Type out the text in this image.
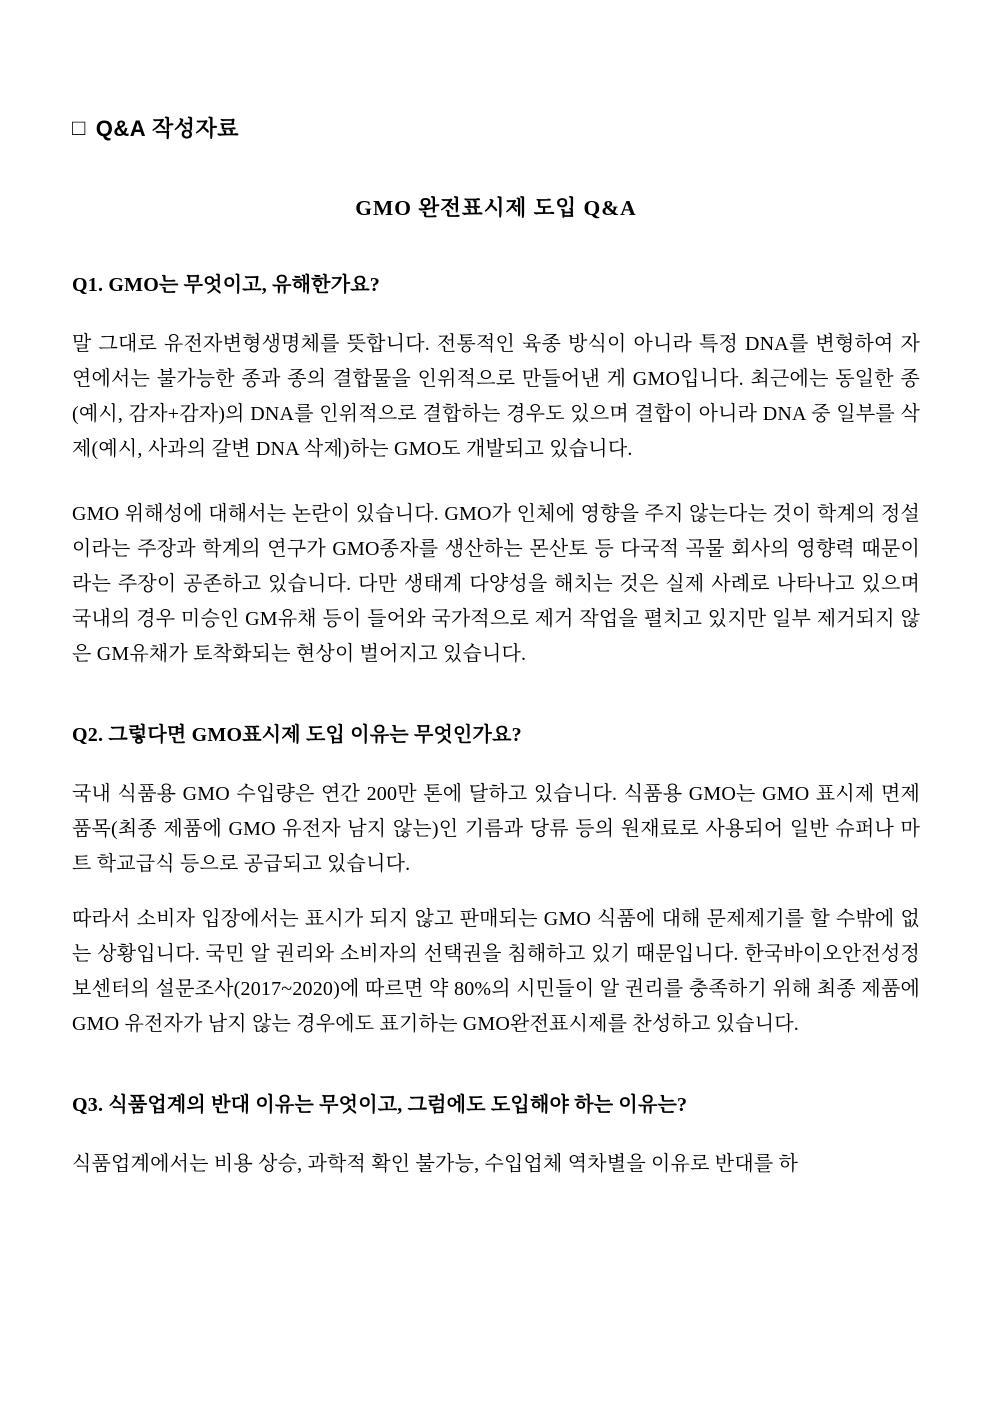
□ Q&A 작성자료
GMO 완전표시제 도입 Q&A
Q1. GMO는 무엇이고, 유해한가요?

말 그대로 유전자변형생명체를 뜻합니다. 전통적인 육종 방식이 아니라 특정 DNA를 변형하여 자연에서는 불가능한 종과 종의 결합물을 인위적으로 만들어낸 게 GMO입니다. 최근에는 동일한 종(예시, 감자+감자)의 DNA를 인위적으로 결합하는 경우도 있으며 결합이 아니라 DNA 중 일부를 삭제(예시, 사과의 갈변 DNA 삭제)하는 GMO도 개발되고 있습니다.

GMO 위해성에 대해서는 논란이 있습니다. GMO가 인체에 영향을 주지 않는다는 것이 학계의 정설이라는 주장과 학계의 연구가 GMO종자를 생산하는 몬산토 등 다국적 곡물 회사의 영향력 때문이라는 주장이 공존하고 있습니다. 다만 생태계 다양성을 해치는 것은 실제 사례로 나타나고 있으며 국내의 경우 미승인 GM유채 등이 들어와 국가적으로 제거 작업을 펼치고 있지만 일부 제거되지 않은 GM유채가 토착화되는 현상이 벌어지고 있습니다.

Q2. 그렇다면 GMO표시제 도입 이유는 무엇인가요?

국내 식품용 GMO 수입량은 연간 200만 톤에 달하고 있습니다. 식품용 GMO는 GMO 표시제 면제 품목(최종 제품에 GMO 유전자 남지 않는)인 기름과 당류 등의 원재료로 사용되어 일반 슈퍼나 마트 학교급식 등으로 공급되고 있습니다.

따라서 소비자 입장에서는 표시가 되지 않고 판매되는 GMO 식품에 대해 문제제기를 할 수밖에 없는 상황입니다. 국민 알 권리와 소비자의 선택권을 침해하고 있기 때문입니다. 한국바이오안전성정보센터의 설문조사(2017~2020)에 따르면 약 80%의 시민들이 알 권리를 충족하기 위해 최종 제품에 GMO 유전자가 남지 않는 경우에도 표기하는 GMO완전표시제를 찬성하고 있습니다.

Q3. 식품업계의 반대 이유는 무엇이고, 그럼에도 도입해야 하는 이유는?

식품업계에서는 비용 상승, 과학적 확인 불가능, 수입업체 역차별을 이유로 반대를 하
